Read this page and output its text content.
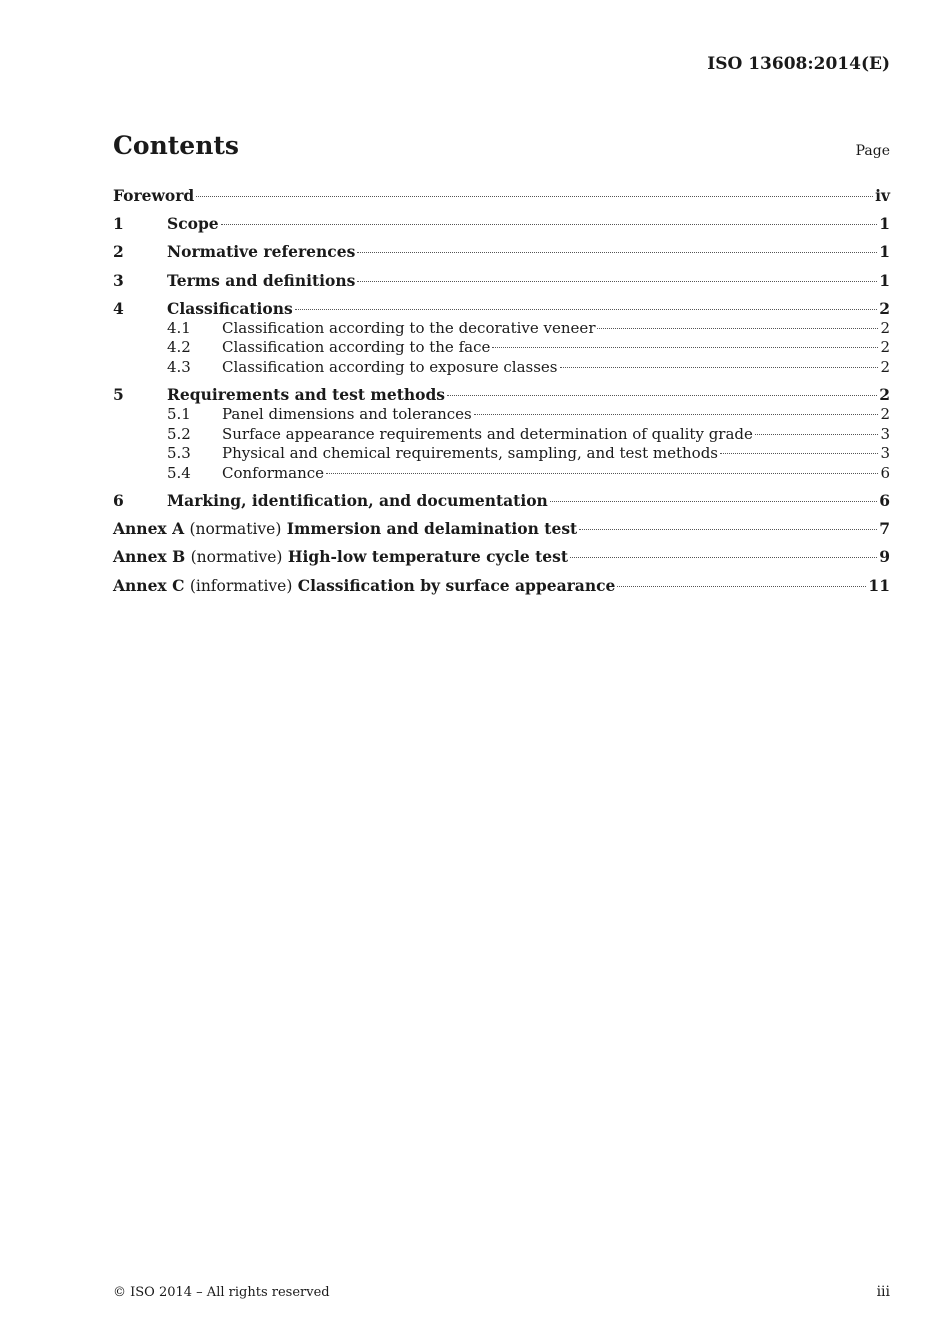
ISO 13608:2014(E)
Contents	Page
Foreword	iv
1	Scope	1
2	Normative references	1
3	Terms and definitions	1
4	Classifications	2
4.1	Classification according to the decorative veneer	2
4.2	Classification according to the face	2
4.3	Classification according to exposure classes	2
5	Requirements and test methods	2
5.1	Panel dimensions and tolerances	2
5.2	Surface appearance requirements and determination of quality grade	3
5.3	Physical and chemical requirements, sampling, and test methods	3
5.4	Conformance	6
6	Marking, identification, and documentation	6
Annex A (normative) Immersion and delamination test	7
Annex B (normative) High-low temperature cycle test	9
Annex C (informative) Classification by surface appearance	11
© ISO 2014 – All rights reserved	iii
